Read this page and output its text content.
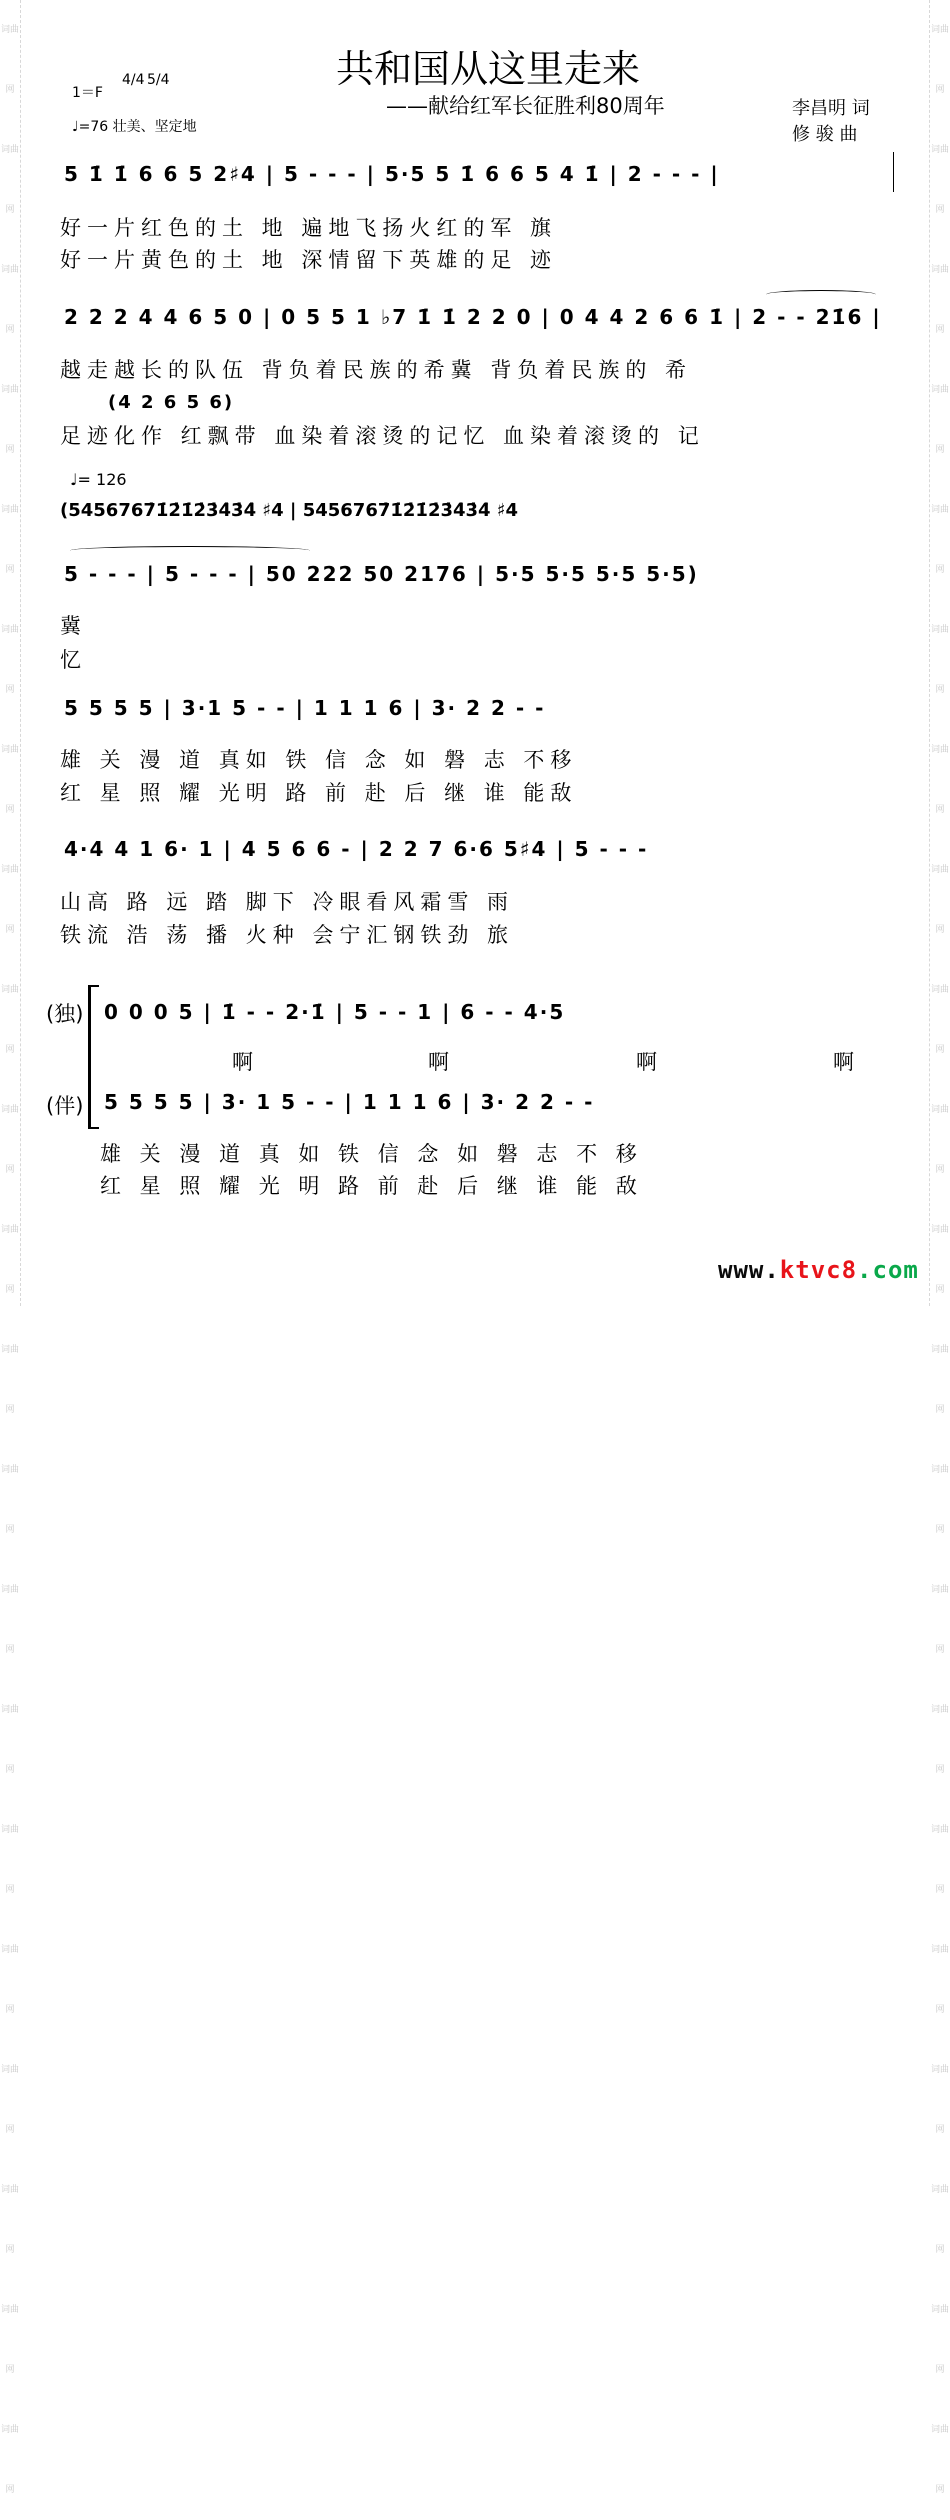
词曲网
词曲网
词曲网
词曲网
词曲网
词曲网
词曲网
词曲网
词曲网
词曲网
词曲网
词曲网
词曲网
词曲网
词曲网
词曲网
词曲网
词曲网
词曲网
词曲网
词曲网
词曲网
词曲网
词曲网
词曲网
词曲网
词曲网
词曲网
词曲网
词曲网
词曲网
词曲网
词曲网
词曲网
词曲网
词曲网
词曲网
词曲网
词曲网
词曲网
词曲网
词曲网
共和国从这里走来
——献给红军长征胜利80周年
1＝F
4/4 5/4
♩=76 壮美、坚定地
李昌明 词
修 骏 曲
5 1̇ 1̇ 6 6 5 2♯4 | 5 - - - | 5·5 5 1̇ 6 6 5 4 1̇ | 2 - - - |
好一片红色的土 地 遍地飞扬火红的军 旗
好一片黄色的土 地 深情留下英雄的足 迹
2 2 2 4 4 6 5 0 | 0 5 5 1 ♭7 1̇ 1̇ 2 2 0 | 0 4 4 2 6 6 1̇ | 2 - - 21̇6 |
越走越长的队伍 背负着民族的希冀 背负着民族的 希
(4 2 6 5 6)
足迹化作 红飘带 血染着滚烫的记忆 血染着滚烫的 记
♩= 126
(5456767̇1̇2̇1̇2̇3̇4̇3̇4̇ ♯4 | 5456767̇1̇2̇1̇2̇3̇4̇3̇4̇ ♯4
5 - - - | 5 - - - | 50 222 50 2176 | 5·5 5·5 5·5 5·5)
冀
忆
5 5 5 5 | 3·1 5 - - | 1 1 1 6 | 3· 2 2 - -
雄 关 漫 道 真如 铁 信 念 如 磐 志 不移
红 星 照 耀 光明 路 前 赴 后 继 谁 能敌
4·4 4 1 6· 1 | 4 5 6 6 - | 2 2 7 6·6 5♯4 | 5 - - -
山高 路 远 踏 脚下 冷眼看风霜雪 雨
铁流 浩 荡 播 火种 会宁汇钢铁劲 旅
(独) 0 0 0 5 | 1̇ - - 2·1̇ | 5 - - 1 | 6 - - 4·5
啊	啊	啊	啊
(伴) 5 5 5 5 | 3· 1 5 - - | 1 1 1 6 | 3· 2 2 - -
雄 关 漫 道 真 如 铁 信 念 如 磐 志 不 移
红 星 照 耀 光 明 路 前 赴 后 继 谁 能 敌
www.ktvc8.com
